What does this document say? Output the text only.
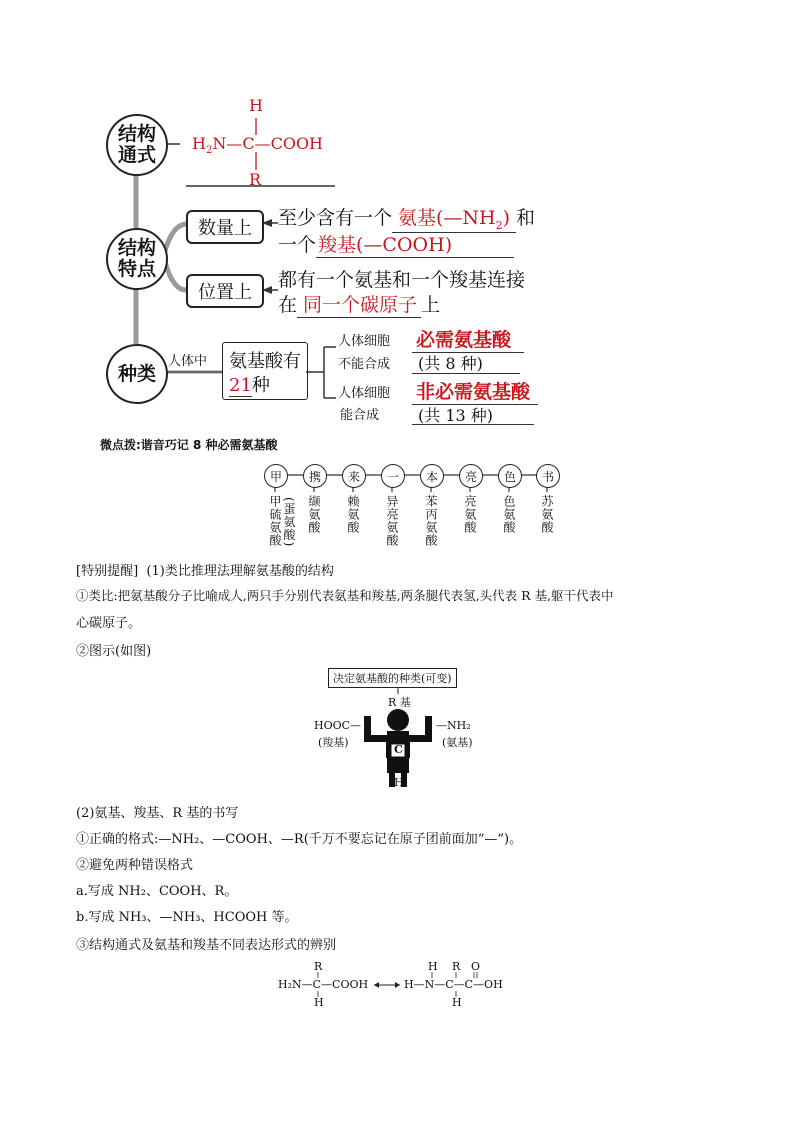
结构
通式
H
$H_2N—C—COOH$
R
结构
特点
数量上 至少含有一个 氨基$(—NH_2)$ 和
一个 羧基(—COOH)
位置上
都有一个氨基和一个羧基连接
在 同一个碳原子 上
种类
人体中 氨基酸有
21种
人体细胞
不能合成
必需氨基酸
(共 8 种)
人体细胞
能合成
非必需氨基酸
(共 13 种)
微点拨:谐音巧记 8 种必需氨基酸
甲	携	来	一	本	亮	色	书
甲硫氨酸 (蛋氨酸) 缬氨酸 赖氨酸 异亮氨酸 苯丙氨酸 亮氨酸 色氨酸 苏氨酸
[特别提醒] (1)类比推理法理解氨基酸的结构
①类比:把氨基酸分子比喻成人,两只手分别代表氨基和羧基,两条腿代表氢,头代表 R 基,躯干代表中
心碳原子。
②图示(如图)
决定氨基酸的种类(可变)
R 基
C
HOOC—
(羧基)
—NH₂
(氨基)
H
(2)氨基、羧基、R 基的书写
①正确的格式:—NH₂、—COOH、—R(千万不要忘记在原子团前面加“—”)。
②避免两种错误格式
a.写成 NH₂、COOH、R。
b.写成 NH₃、—NH₃、HCOOH 等。
③结构通式及氨基和羧基不同表达形式的辨别
R
H₂N—C—COOH
H
H R O
H—N—C—C—OH
H
